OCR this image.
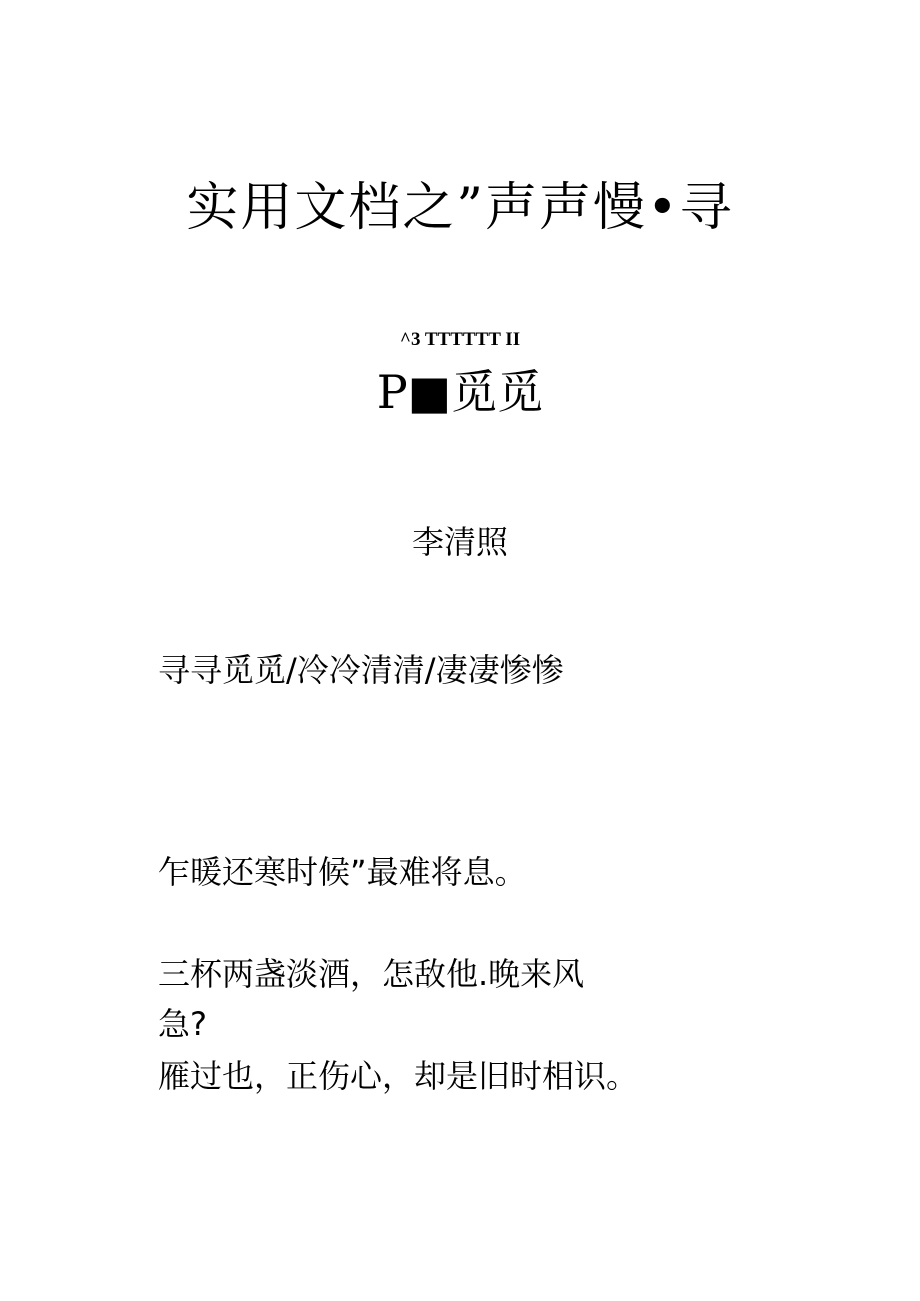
实用文档之”声声慢•寻
^3 TTTTTT II
P■觅觅
李清照
寻寻觅觅/冷冷清清/凄凄惨惨
乍暖还寒时候”最难将息。
三杯两盏淡酒，怎敌他.晚来风
急?
雁过也，正伤心，却是旧时相识。
